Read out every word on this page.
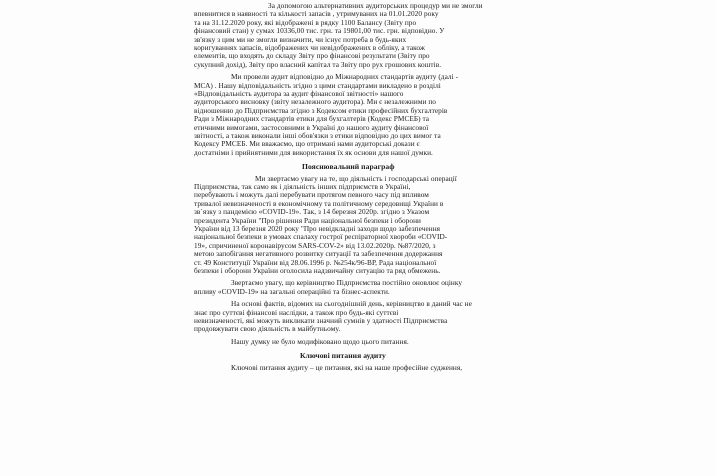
За допомогою альтернативних аудиторських процедур ми не змогли
впевнитися в наявності та кількості запасів , утримуваних на 01.01.2020 року
та на 31.12.2020 року, які відображені в рядку 1100 Балансу (Звіту про
фінансовий стан) у сумах 10336,00 тис. грн. та 19801,00 тис. грн. відповідно. У
зв'язку з цим ми не змогли визначити, чи існує потреба в будь-яких
коригуваннях запасів, відображених чи невідображених в обліку, а також
елементів, що входять до складу Звіту про фінансові результати (Звіту про
сукупний дохід), Звіту про власний капітал та Звіту про рух грошових коштів.
Ми провели аудит відповідно до Міжнародних стандартів аудиту (далі -
МСА) . Нашу відповідальність згідно з цими стандартами викладено в розділі
«Відповідальність аудитора за аудит фінансової звітності» нашого
аудиторського висновку (звіту незалежного аудитора). Ми є незалежними по
відношенню до Підприємства згідно з Кодексом етики професійних бухгалтерів
Ради з Міжнародних стандартів етики для бухгалтерів (Кодекс РМСЕБ) та
етичними вимогами, застосовними в Україні до нашого аудиту фінансової
звітності, а також виконали інші обов'язки з етики відповідно до цих вимог та
Кодексу РМСЕБ. Ми вважаємо, що отримані нами аудиторські докази є
достатніми і прийнятними для використання їх як основи для нашої думки.
Пояснювальний параграф
Ми звертаємо увагу на те, що діяльність і господарські операції
Підприємства, так само як і діяльність інших підприємств в Україні,
перебувають і можуть далі перебувати протягом певного часу під впливом
тривалої невизначеності в економічному та політичному середовищі України в
зв`язку з пандемією «COVID-19». Так, з 14 березня 2020р. згідно з Указом
президента України "Про рішення Ради національної безпеки і оборони
України від 13 березня 2020 року "Про невідкладні заходи щодо забезпечення
національної безпеки в умовах спалаху гострої респіраторної хвороби «COVID-
19», спричиненої коронавірусом SARS-COV-2» від 13.02.2020р. №87/2020, з
метою запобігання негативного розвитку ситуації та забезпечення додержання
ст. 49 Конституції України від 28.06.1996 р. №254к/96-ВР, Рада національної
безпеки і оборони України оголосила надзвичайну ситуацію та ряд обмежень.
Звертаємо увагу, що керівництво Підприємства постійно оновлює оцінку
впливу «COVID-19» на загальні операційні та бізнес-аспекти.
На основі фактів, відомих на сьогоднішній день, керівництво в даний час не
знає про суттєві фінансові наслідки, а також про будь-які суттєві
невизначеності, які можуть викликати значний сумнів у здатності Підприємства
продовжувати свою діяльність в майбутньому.
Нашу думку не було модифіковано щодо цього питання.
Ключові питання аудиту
Ключові питання аудиту – це питання, які на наше професійне судження,
